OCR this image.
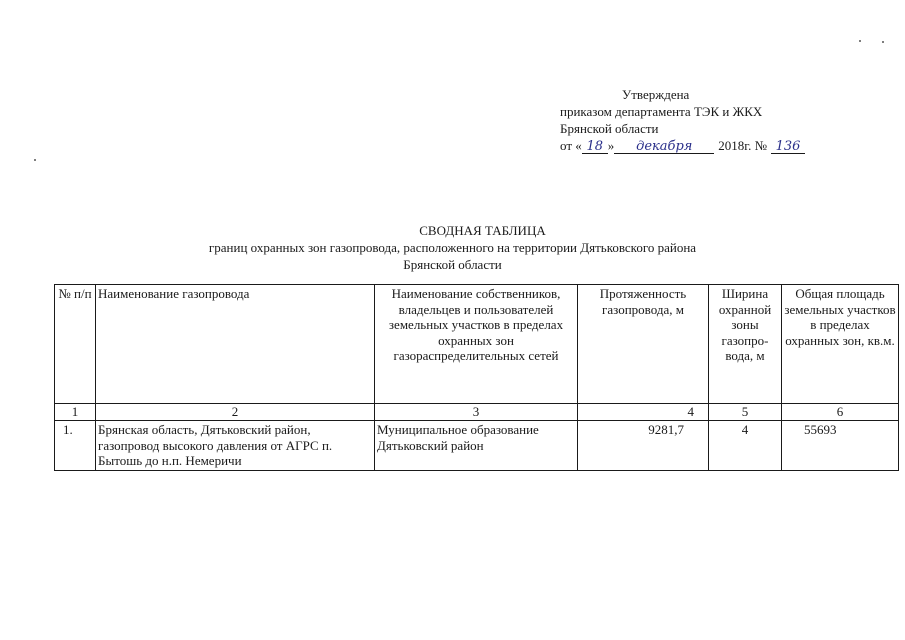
Утверждена
приказом департамента ТЭК и ЖКХ
Брянской области
от « 18 » декабря 2018г. № 136
СВОДНАЯ ТАБЛИЦА
границ охранных зон газопровода, расположенного на территории Дятьковского района
Брянской области
№ п/п	Наименование газопровода	Наименование собственников, владельцев и пользователей земельных участков в пределах охранных зон газораспределительных сетей	Протяженность газопровода, м	Ширина охранной зоны газопро-вода, м	Общая площадь земельных участков в пределах охранных зон, кв.м.
1	2	3	4	5	6
1.	Брянская область, Дятьковский район, газопровод высокого давления от АГРС п. Бытошь до н.п. Немеричи	Муниципальное образование Дятьковский район	9281,7	4	55693
